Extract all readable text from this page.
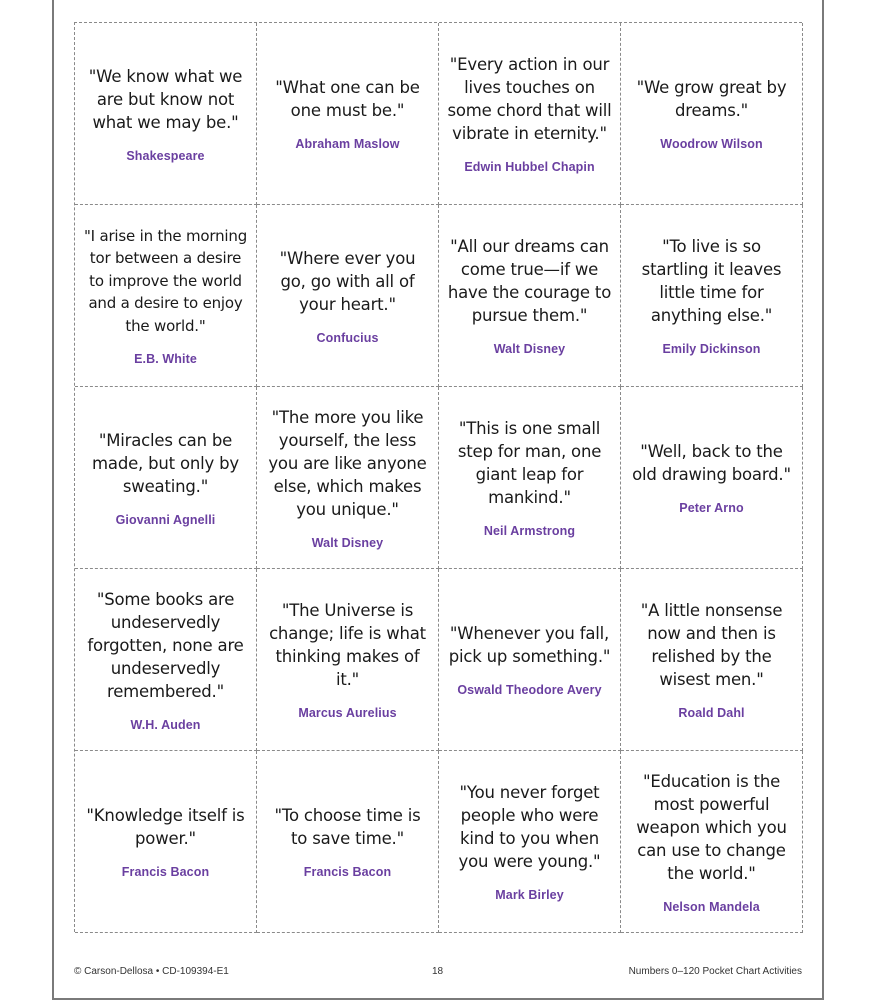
"We know what we are but know not what we may be."

Shakespeare

"What one can be one must be."

Abraham Maslow

"Every action in our lives touches on some chord that will vibrate in eternity."

Edwin Hubbel Chapin

"We grow great by dreams."

Woodrow Wilson

"I arise in the morning tor between a desire to improve the world and a desire to enjoy the world."

E.B. White

"Where ever you go, go with all of your heart."

Confucius

"All our dreams can come true—if we have the courage to pursue them."

Walt Disney

"To live is so startling it leaves little time for anything else."

Emily Dickinson

"Miracles can be made, but only by sweating."

Giovanni Agnelli

"The more you like yourself, the less you are like anyone else, which makes you unique."

Walt Disney

"This is one small step for man, one giant leap for mankind."

Neil Armstrong

"Well, back to the old drawing board."

Peter Arno

"Some books are undeservedly forgotten, none are undeservedly remembered."

W.H. Auden

"The Universe is change; life is what thinking makes of it."

Marcus Aurelius

"Whenever you fall, pick up something."

Oswald Theodore Avery

"A little nonsense now and then is relished by the wisest men."

Roald Dahl

"Knowledge itself is power."

Francis Bacon

"To choose time is to save time."

Francis Bacon

"You never forget people who were kind to you when you were young."

Mark Birley

"Education is the most powerful weapon which you can use to change the world."

Nelson Mandela
© Carson-Dellosa • CD-109394-E1	18	Numbers 0–120 Pocket Chart Activities
